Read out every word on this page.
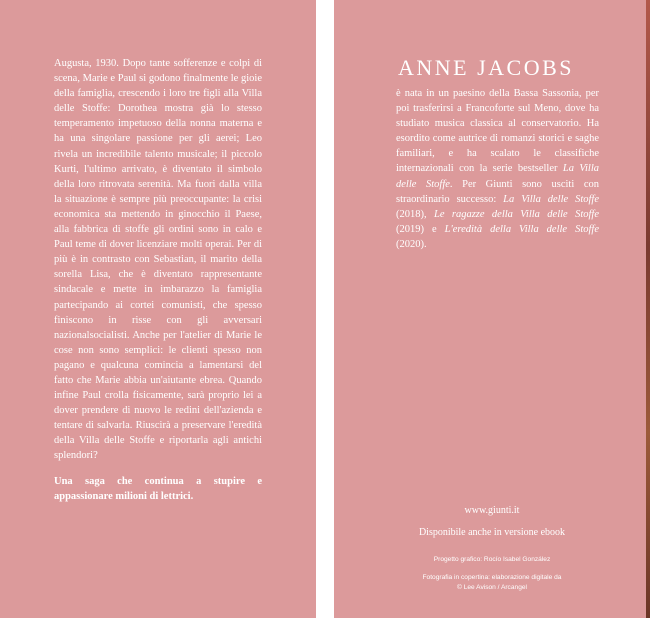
Augusta, 1930. Dopo tante sofferenze e colpi di scena, Marie e Paul si godono finalmente le gioie della famiglia, crescendo i loro tre figli alla Villa delle Stoffe: Dorothea mostra già lo stesso temperamento impetuoso della nonna materna e ha una singolare passione per gli aerei; Leo rivela un incredibile talento musicale; il piccolo Kurti, l'ultimo arrivato, è diventato il simbolo della loro ritrovata serenità. Ma fuori dalla villa la situazione è sempre più preoccupante: la crisi economica sta mettendo in ginocchio il Paese, alla fabbrica di stoffe gli ordini sono in calo e Paul teme di dover licenziare molti operai. Per di più è in contrasto con Sebastian, il marito della sorella Lisa, che è diventato rappresentante sindacale e mette in imbarazzo la famiglia partecipando ai cortei comunisti, che spesso finiscono in risse con gli avversari nazionalsocialisti. Anche per l'atelier di Marie le cose non sono semplici: le clienti spesso non pagano e qualcuna comincia a lamentarsi del fatto che Marie abbia un'aiutante ebrea. Quando infine Paul crolla fisicamente, sarà proprio lei a dover prendere di nuovo le redini dell'azienda e tentare di salvarla. Riuscirà a preservare l'eredità della Villa delle Stoffe e riportarla agli antichi splendori?

Una saga che continua a stupire e appassionare milioni di lettrici.

ANNE JACOBS
è nata in un paesino della Bassa Sassonia, per poi trasferirsi a Francoforte sul Meno, dove ha studiato musica classica al conservatorio. Ha esordito come autrice di romanzi storici e saghe familiari, e ha scalato le classifiche internazionali con la serie bestseller La Villa delle Stoffe. Per Giunti sono usciti con straordinario successo: La Villa delle Stoffe (2018), Le ragazze della Villa delle Stoffe (2019) e L'eredità della Villa delle Stoffe (2020).
www.giunti.it
Disponibile anche in versione ebook
Progetto grafico: Rocío Isabel González
Fotografia in copertina: elaborazione digitale da
© Lee Avison / Arcangel
